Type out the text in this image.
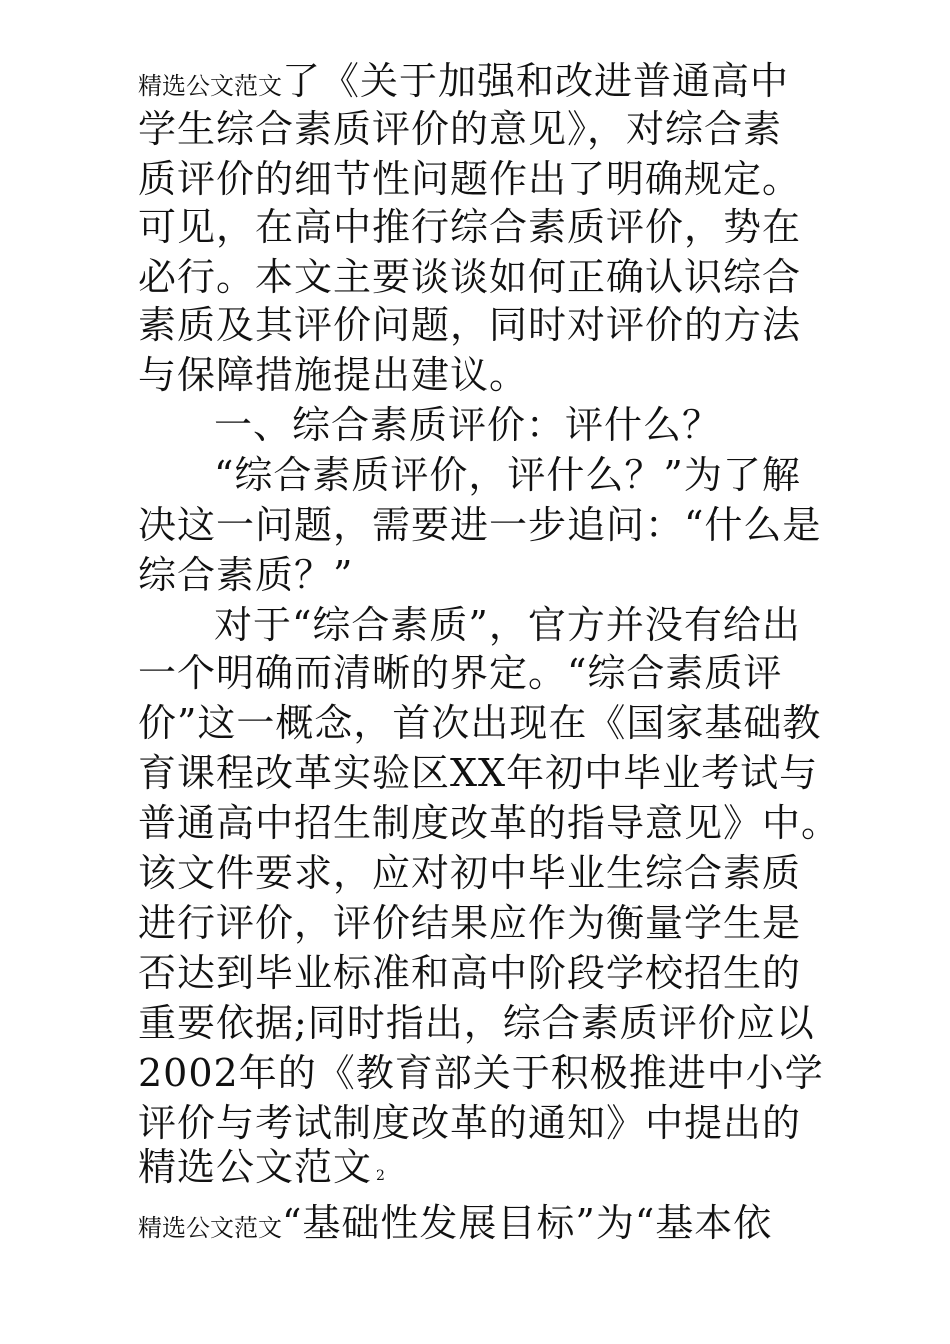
精选公文范文了《关于加强和改进普通高中
学生综合素质评价的意见》，对综合素
质评价的细节性问题作出了明确规定。
可见，在高中推行综合素质评价，势在
必行。本文主要谈谈如何正确认识综合
素质及其评价问题，同时对评价的方法
与保障措施提出建议。
一、综合素质评价：评什么？
“综合素质评价，评什么？”为了解
决这一问题，需要进一步追问：“什么是
综合素质？”
对于“综合素质”，官方并没有给出
一个明确而清晰的界定。“综合素质评
价”这一概念，首次出现在《国家基础教
育课程改革实验区XX年初中毕业考试与
普通高中招生制度改革的指导意见》中。
该文件要求，应对初中毕业生综合素质
进行评价，评价结果应作为衡量学生是
否达到毕业标准和高中阶段学校招生的
重要依据;同时指出，综合素质评价应以
2002年的《教育部关于积极推进中小学
评价与考试制度改革的通知》中提出的
精选公文范文 2
精选公文范文“基础性发展目标”为“基本依
